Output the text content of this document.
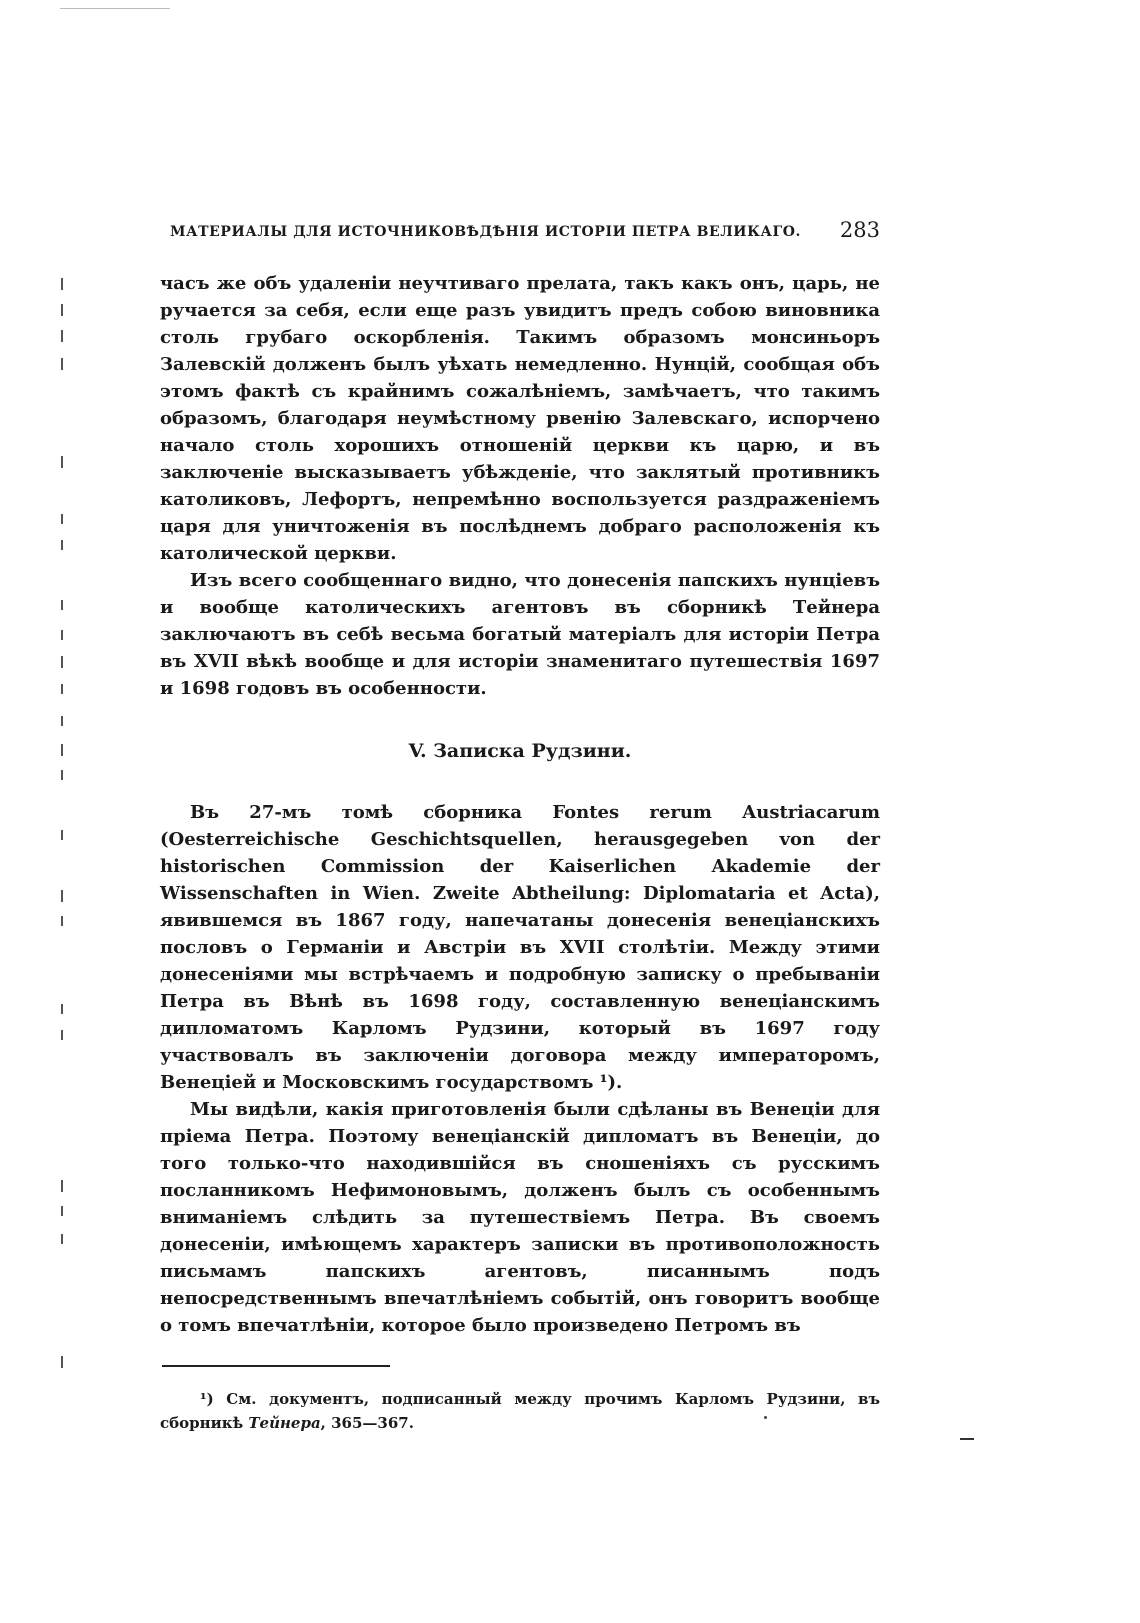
МАТЕРИАЛЫ ДЛЯ ИСТОЧНИКОВѢДѢНІЯ ИСТОРІИ ПЕТРА ВЕЛИКАГО. 283

часъ же объ удаленіи неучтиваго прелата, такъ какъ онъ, царь, не ручается за себя, если еще разъ увидитъ предъ собою виновника столь грубаго оскорбленія. Такимъ образомъ монсиньоръ Залевскій долженъ былъ уѣхать немедленно. Нунцій, сообщая объ этомъ фактѣ съ крайнимъ сожалѣніемъ, замѣчаетъ, что такимъ образомъ, благодаря неумѣстному рвенію Залевскаго, испорчено начало столь хорошихъ отношеній церкви къ царю, и въ заключеніе высказываетъ убѣжденіе, что заклятый противникъ католиковъ, Лефортъ, непремѣнно воспользуется раздраженіемъ царя для уничтоженія въ послѣднемъ добраго расположенія къ католической церкви.

Изъ всего сообщеннаго видно, что донесенія папскихъ нунціевъ и вообще католическихъ агентовъ въ сборникѣ Тейнера заключаютъ въ себѣ весьма богатый матеріалъ для исторіи Петра въ XVII вѣкѣ вообще и для исторіи знаменитаго путешествія 1697 и 1698 годовъ въ особенности.

V. Записка Рудзини.

Въ 27-мъ томѣ сборника Fontes rerum Austriacarum (Oesterreichische Geschichtsquellen, herausgegeben von der historischen Commission der Kaiserlichen Akademie der Wissenschaften in Wien. Zweite Abtheilung: Diplomataria et Acta), явившемся въ 1867 году, напечатаны донесенія венеціанскихъ пословъ о Германіи и Австріи въ XVII столѣтіи. Между этими донесеніями мы встрѣчаемъ и подробную записку о пребываніи Петра въ Вѣнѣ въ 1698 году, составленную венеціанскимъ дипломатомъ Карломъ Рудзини, который въ 1697 году участвовалъ въ заключеніи договора между императоромъ, Венеціей и Московскимъ государствомъ ¹).

Мы видѣли, какія приготовленія были сдѣланы въ Венеціи для пріема Петра. Поэтому венеціанскій дипломатъ въ Венеціи, до того только-что находившійся въ сношеніяхъ съ русскимъ посланникомъ Нефимоновымъ, долженъ былъ съ особеннымъ вниманіемъ слѣдить за путешествіемъ Петра. Въ своемъ донесеніи, имѣющемъ характеръ записки въ противоположность письмамъ папскихъ агентовъ, писаннымъ подъ непосредственнымъ впечатлѣніемъ событій, онъ говоритъ вообще о томъ впечатлѣніи, которое было произведено Петромъ въ

¹) См. документъ, подписанный между прочимъ Карломъ Рудзини, въ сборникѣ Тейнера, 365—367.
